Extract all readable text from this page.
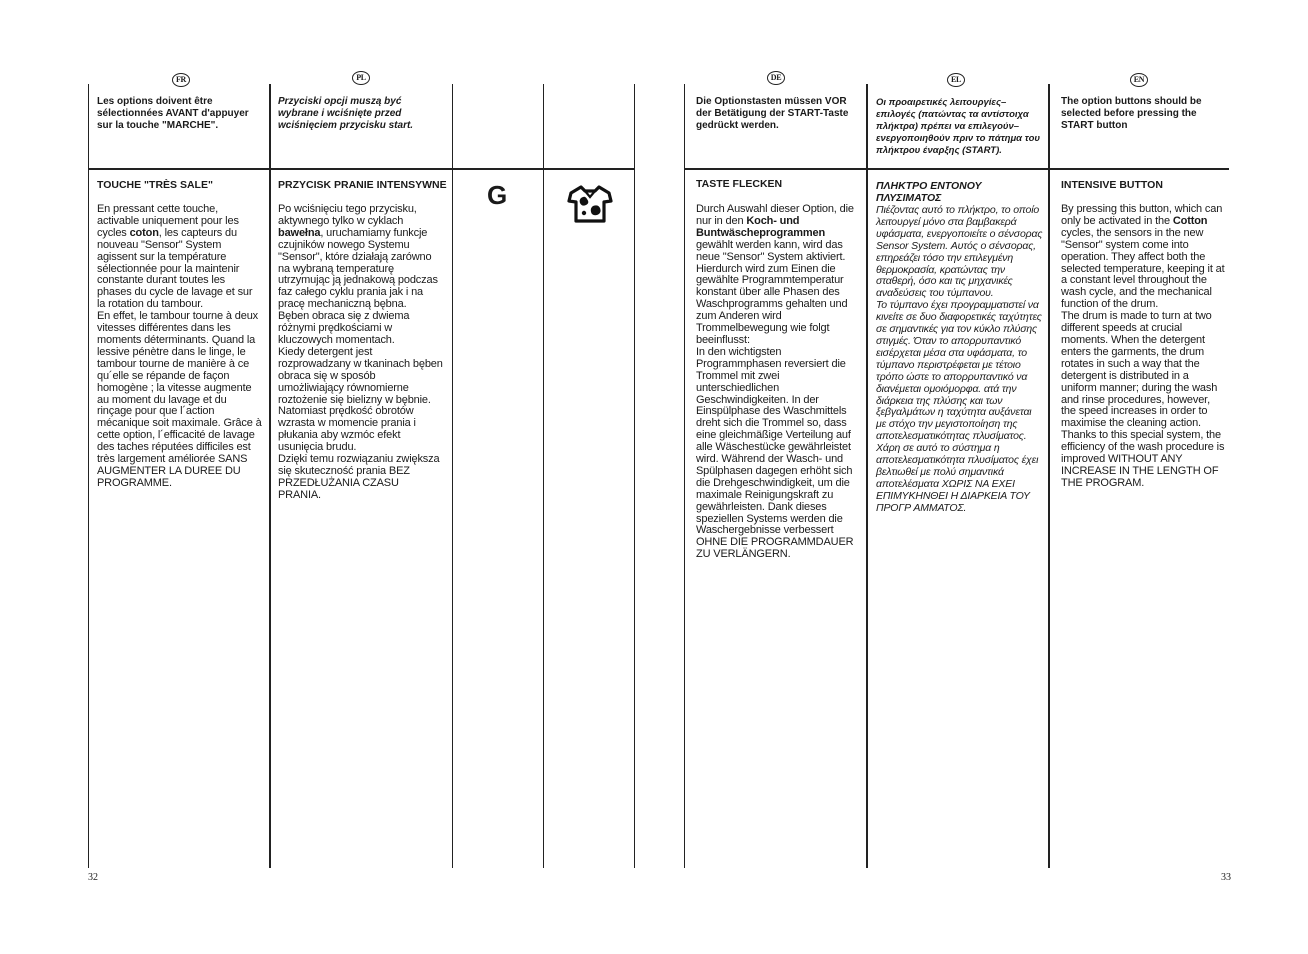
FR	PL	DE	EL	EN
Les options doivent être sélectionnées AVANT d'appuyer sur la touche "MARCHE".
Przyciski opcji muszą być wybrane i wciśnięte przed wciśnięciem przycisku start.
Die Optionstasten müssen VOR der Betätigung der START-Taste gedrückt werden.
Οι προαιρετικές λειτουργίες–επιλογές (πατώντας τα αντίστοιχα πλήκτρα) πρέπει να επιλεγούν–ενεργοποιηθούν πριν το πάτημα του πλήκτρου έναρξης (START).
The option buttons should be selected before pressing the START button
TOUCHE "TRÈS SALE"	PRZYCISK PRANIE INTENSYWNE	TASTE FLECKEN	ΠΛΗΚΤΡΟ ΕΝΤΟΝΟΥ ΠΛΥΣΙΜΑΤΟΣ
INTENSIVE BUTTON
En pressant cette touche, activable uniquement pour les cycles coton, les capteurs du nouveau "Sensor" System agissent sur la température sélectionnée pour la maintenir constante durant toutes les phases du cycle de lavage et sur la rotation du tambour.
En effet, le tambour tourne à deux vitesses différentes dans les moments déterminants. Quand la lessive pénètre dans le linge, le tambour tourne de manière à ce qu´elle se répande de façon homogène ; la vitesse augmente au moment du lavage et du rinçage pour que l´action mécanique soit maximale. Grâce à cette option, l´efficacité de lavage des taches réputées difficiles est très largement améliorée SANS AUGMENTER LA DUREE DU PROGRAMME.
Po wciśnięciu tego przycisku, aktywnego tylko w cyklach bawełna, uruchamiamy funkcje czujników nowego Systemu "Sensor", które działają zarówno na wybraną temperaturę utrzymując ją jednakową podczas faz całego cyklu prania jak i na pracę mechaniczną bębna.
Bęben obraca się z dwiema różnymi prędkościami w kluczowych momentach.
Kiedy detergent jest rozprowadzany w tkaninach bęben obraca się w sposób umożliwiający równomierne roztożenie się bielizny w bębnie. Natomiast prędkość obrotów wzrasta w momencie prania i płukania aby wzmóc efekt usunięcia brudu.
Dzięki temu rozwiązaniu zwiększa się skuteczność prania BEZ PRZEDŁUŻANIA CZASU PRANIA.
Durch Auswahl dieser Option, die nur in den Koch- und Buntwäscheprogrammen gewählt werden kann, wird das neue "Sensor" System aktiviert. Hierdurch wird zum Einen die gewählte Programmtemperatur konstant über alle Phasen des Waschprogramms gehalten und zum Anderen wird Trommelbewegung wie folgt beeinflusst:
In den wichtigsten Programmphasen reversiert die Trommel mit zwei unterschiedlichen Geschwindigkeiten. In der Einspülphase des Waschmittels dreht sich die Trommel so, dass eine gleichmäßige Verteilung auf alle Wäschestücke gewährleistet wird. Während der Wasch- und Spülphasen dagegen erhöht sich die Drehgeschwindigkeit, um die maximale Reinigungskraft zu gewährleisten. Dank dieses speziellen Systems werden die Waschergebnisse verbessert OHNE DIE PROGRAMMDAUER ZU VERLÄNGERN.
Πιέζοντας αυτό το πλήκτρο, το οποίο λειτουργεί μόνο στα βαμβακερά υφάσματα, ενεργοποιείτε ο σένσορας Sensor System. Αυτός ο σένσορας, επηρεάζει τόσο την επιλεγμένη θερμοκρασία, κρατώντας την σταθερή, όσο και τις μηχανικές αναδεύσεις του τύμπανου.
Το τύμπανο έχει προγραμματιστεί να κινείτε σε δυο διαφορετικές ταχύτητες σε σημαντικές για τον κύκλο πλύσης στιγμές. Όταν το απορρυπαντικό εισέρχεται μέσα στα υφάσματα, το τύμπανο περιστρέφεται με τέτοιο τρόπο ώστε το απορρυπαντικό να διανέμεται ομοιόμορφα. ατά την διάρκεια της πλύσης και των ξεβγαλμάτων η ταχύτητα αυξάνεται με στόχο την μεγιστοποίηση της αποτελεσματικότητας πλυσίματος. Χάρη σε αυτό το σύστημα η αποτελεσματικότητα πλυσίματος έχει βελτιωθεί με πολύ σημαντικά αποτελέσματα ΧΩΡΙΣ ΝΑ ΕΧΕΙ ΕΠΙΜΥΚΗΝΘΕΙ Η ΔΙΑΡΚΕΙΑ ΤΟΥ ΠΡΟΓΡ ΑΜΜΑΤΟΣ.
By pressing this button, which can only be activated in the Cotton cycles, the sensors in the new "Sensor" system come into operation. They affect both the selected temperature, keeping it at a constant level throughout the wash cycle, and the mechanical function of the drum.
The drum is made to turn at two different speeds at crucial moments. When the detergent enters the garments, the drum rotates in such a way that the detergent is distributed in a uniform manner; during the wash and rinse procedures, however, the speed increases in order to maximise the cleaning action. Thanks to this special system, the efficiency of the wash procedure is improved WITHOUT ANY INCREASE IN THE LENGTH OF THE PROGRAM.
G
32	33
